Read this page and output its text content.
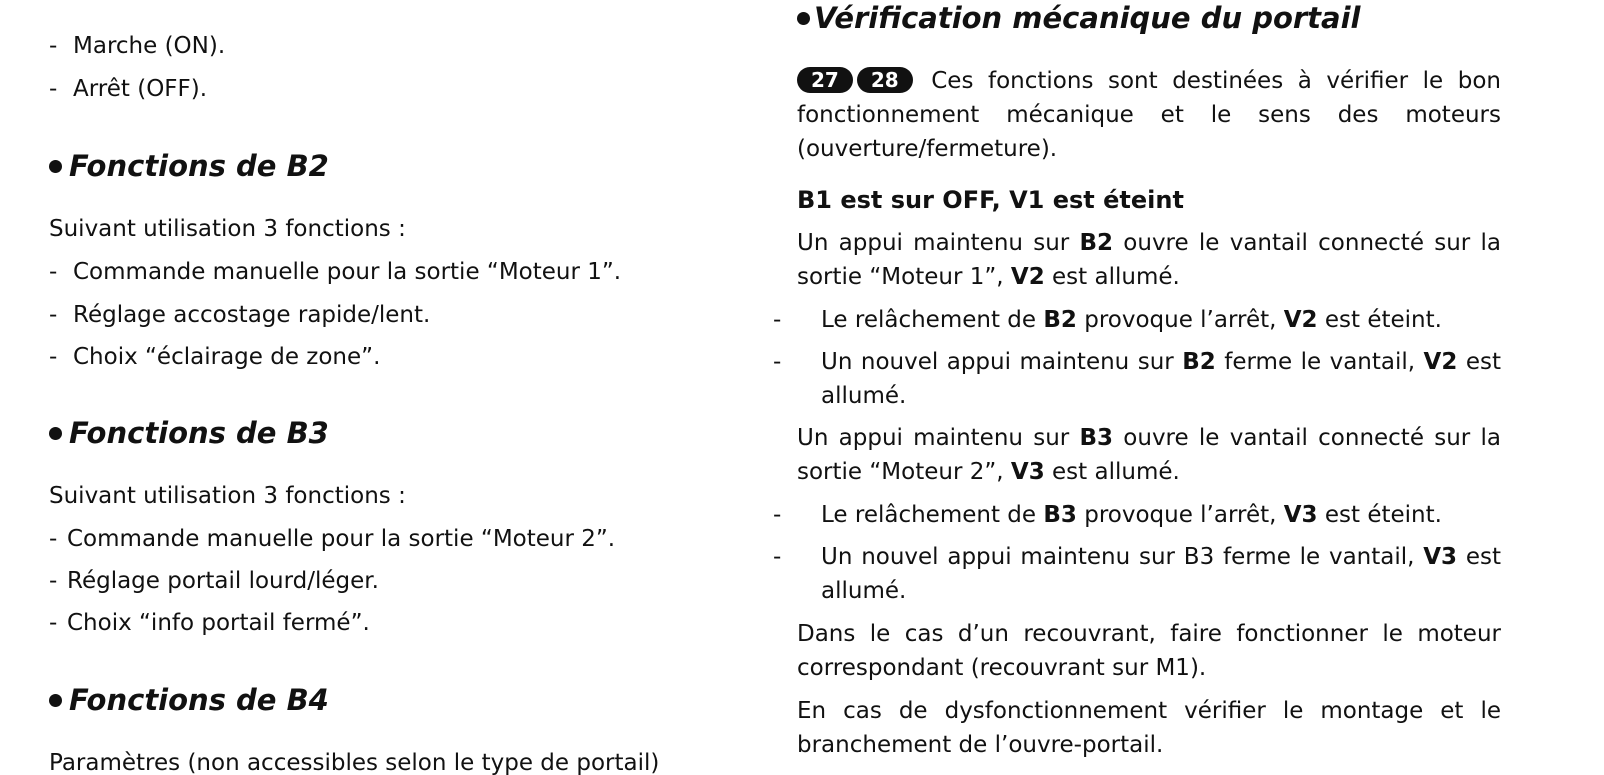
- Marche (ON).
- Arrêt (OFF).
Fonctions de B2
Suivant utilisation 3 fonctions :
- Commande manuelle pour la sortie “Moteur 1”.
- Réglage accostage rapide/lent.
- Choix “éclairage de zone”.
Fonctions de B3
Suivant utilisation 3 fonctions :
- Commande manuelle pour la sortie “Moteur 2”.
- Réglage portail lourd/léger.
- Choix “info portail fermé”.
Fonctions de B4
Paramètres (non accessibles selon le type de portail)
Vérification mécanique du portail
27 28 Ces fonctions sont destinées à vérifier le bon fonctionnement mécanique et le sens des moteurs (ouverture/fermeture).
B1 est sur OFF, V1 est éteint
Un appui maintenu sur B2 ouvre le vantail connecté sur la sortie “Moteur 1”, V2 est allumé.
- Le relâchement de B2 provoque l’arrêt, V2 est éteint.
- Un nouvel appui maintenu sur B2 ferme le vantail, V2 est allumé.
Un appui maintenu sur B3 ouvre le vantail connecté sur la sortie “Moteur 2”, V3 est allumé.
- Le relâchement de B3 provoque l’arrêt, V3 est éteint.
- Un nouvel appui maintenu sur B3 ferme le vantail, V3 est allumé.
Dans le cas d’un recouvrant, faire fonctionner le moteur correspondant (recouvrant sur M1).
En cas de dysfonctionnement vérifier le montage et le branchement de l’ouvre-portail.
